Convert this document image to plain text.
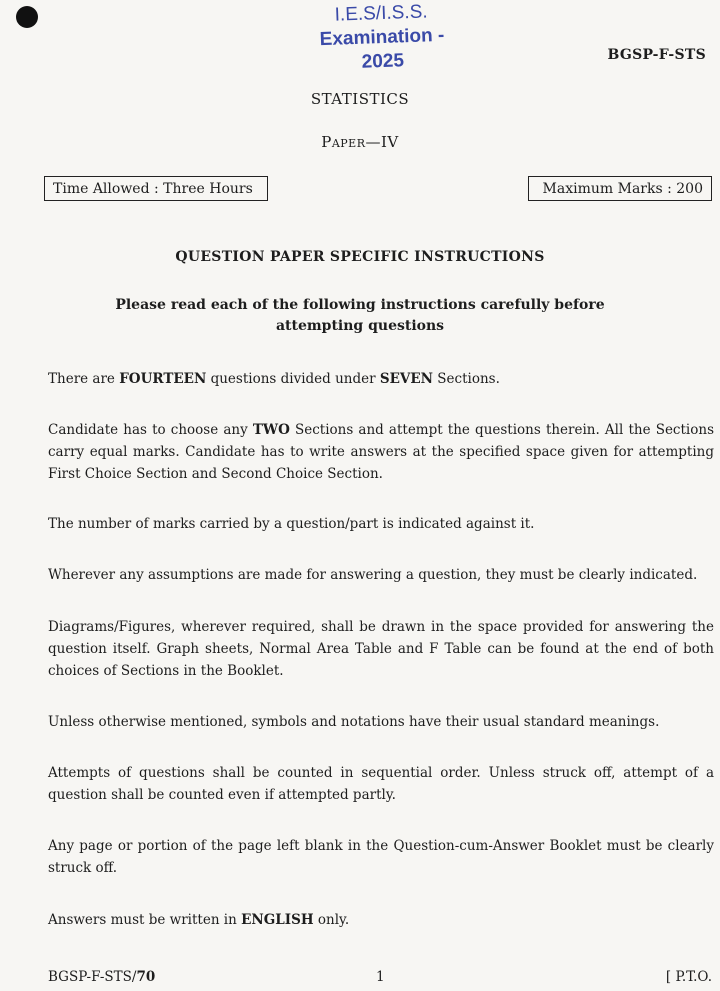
I.E.S/I.S.S.
Examination - 2025	BGSP-F-STS
STATISTICS
Paper—IV
Time Allowed : Three Hours	Maximum Marks : 200
QUESTION PAPER SPECIFIC INSTRUCTIONS
Please read each of the following instructions carefully before
attempting questions
There are FOURTEEN questions divided under SEVEN Sections.
Candidate has to choose any TWO Sections and attempt the questions therein. All the Sections carry equal marks. Candidate has to write answers at the specified space given for attempting First Choice Section and Second Choice Section.
The number of marks carried by a question/part is indicated against it.
Wherever any assumptions are made for answering a question, they must be clearly indicated.
Diagrams/Figures, wherever required, shall be drawn in the space provided for answering the question itself. Graph sheets, Normal Area Table and F Table can be found at the end of both choices of Sections in the Booklet.
Unless otherwise mentioned, symbols and notations have their usual standard meanings.
Attempts of questions shall be counted in sequential order. Unless struck off, attempt of a question shall be counted even if attempted partly.
Any page or portion of the page left blank in the Question-cum-Answer Booklet must be clearly struck off.
Answers must be written in ENGLISH only.
BGSP-F-STS/70	1	[ P.T.O.
